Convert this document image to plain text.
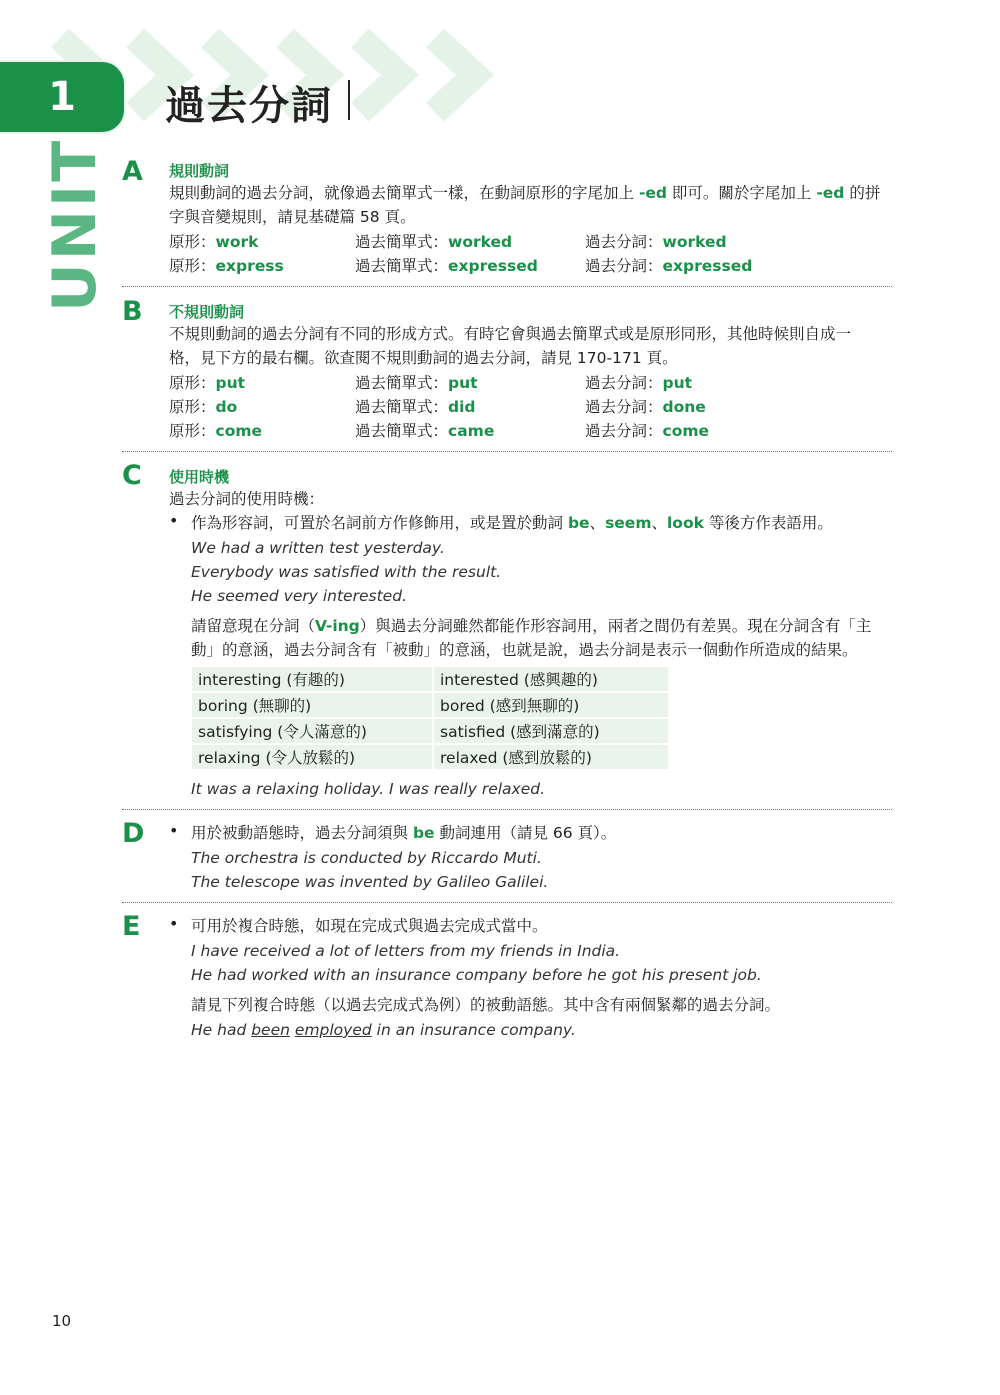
1 過去分詞
UNIT A 規則動詞
規則動詞的過去分詞，就像過去簡單式一樣，在動詞原形的字尾加上 -ed 即可。關於字尾加上 -ed 的拼
字與音變規則，請見基礎篇 58 頁。
原形：work	過去簡單式：worked	過去分詞：worked
原形：express	過去簡單式：expressed	過去分詞：expressed
B 不規則動詞
不規則動詞的過去分詞有不同的形成方式。有時它會與過去簡單式或是原形同形，其他時候則自成一
格，見下方的最右欄。欲查閱不規則動詞的過去分詞，請見 170-171 頁。
原形：put	過去簡單式：put	過去分詞：put
原形：do	過去簡單式：did	過去分詞：done
原形：come	過去簡單式：came	過去分詞：come
C 使用時機
過去分詞的使用時機：
• 作為形容詞，可置於名詞前方作修飾用，或是置於動詞 be、seem、look 等後方作表語用。
We had a written test yesterday.
Everybody was satisfied with the result.
He seemed very interested.
請留意現在分詞（V-ing）與過去分詞雖然都能作形容詞用，兩者之間仍有差異。現在分詞含有「主
動」的意涵，過去分詞含有「被動」的意涵，也就是說，過去分詞是表示一個動作所造成的結果。
interesting (有趣的)	interested (感興趣的)
boring (無聊的)	bored (感到無聊的)
satisfying (令人滿意的)	satisfied (感到滿意的)
relaxing (令人放鬆的)	relaxed (感到放鬆的)
It was a relaxing holiday. I was really relaxed.
D • 用於被動語態時，過去分詞須與 be 動詞連用（請見 66 頁）。
The orchestra is conducted by Riccardo Muti.
The telescope was invented by Galileo Galilei.
E • 可用於複合時態，如現在完成式與過去完成式當中。
I have received a lot of letters from my friends in India.
He had worked with an insurance company before he got his present job.
請見下列複合時態（以過去完成式為例）的被動語態。其中含有兩個緊鄰的過去分詞。
He had been employed in an insurance company.
10
